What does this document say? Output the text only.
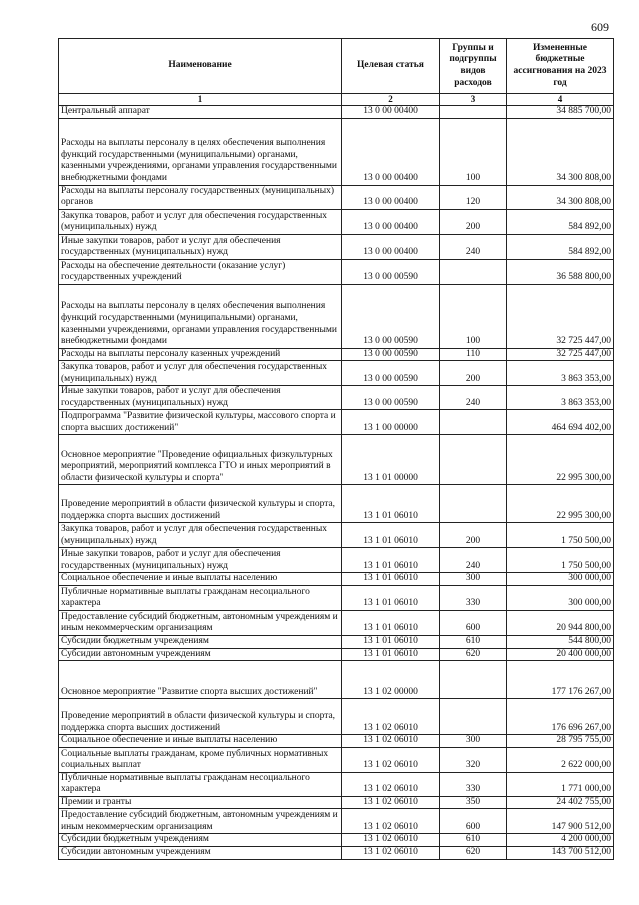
609
Наименование	Целевая статья	Группы и подгруппы видов расходов	Измененные бюджетные ассигнования на 2023 год
1	2	3	4
Центральный аппарат	13 0 00 00400		34 885 700,00
Расходы на выплаты персоналу в целях обеспечения выполнения функций государственными (муниципальными) органами, казенными учреждениями, органами управления государственными внебюджетными фондами	13 0 00 00400	100	34 300 808,00
Расходы на выплаты персоналу государственных (муниципальных) органов	13 0 00 00400	120	34 300 808,00
Закупка товаров, работ и услуг для обеспечения государственных (муниципальных) нужд	13 0 00 00400	200	584 892,00
Иные закупки товаров, работ и услуг для обеспечения государственных (муниципальных) нужд	13 0 00 00400	240	584 892,00
Расходы на обеспечение деятельности (оказание услуг) государственных учреждений	13 0 00 00590		36 588 800,00
Расходы на выплаты персоналу в целях обеспечения выполнения функций государственными (муниципальными) органами, казенными учреждениями, органами управления государственными внебюджетными фондами	13 0 00 00590	100	32 725 447,00
Расходы на выплаты персоналу казенных учреждений	13 0 00 00590	110	32 725 447,00
Закупка товаров, работ и услуг для обеспечения государственных (муниципальных) нужд	13 0 00 00590	200	3 863 353,00
Иные закупки товаров, работ и услуг для обеспечения государственных (муниципальных) нужд	13 0 00 00590	240	3 863 353,00
Подпрограмма "Развитие физической культуры, массового спорта и спорта высших достижений"	13 1 00 00000		464 694 402,00
Основное мероприятие "Проведение официальных физкультурных мероприятий, мероприятий комплекса ГТО и иных мероприятий в области физической культуры и спорта"	13 1 01 00000		22 995 300,00
Проведение мероприятий в области физической культуры и спорта, поддержка спорта высших достижений	13 1 01 06010		22 995 300,00
Закупка товаров, работ и услуг для обеспечения государственных (муниципальных) нужд	13 1 01 06010	200	1 750 500,00
Иные закупки товаров, работ и услуг для обеспечения государственных (муниципальных) нужд	13 1 01 06010	240	1 750 500,00
Социальное обеспечение и иные выплаты населению	13 1 01 06010	300	300 000,00
Публичные нормативные выплаты гражданам несоциального характера	13 1 01 06010	330	300 000,00
Предоставление субсидий бюджетным, автономным учреждениям и иным некоммерческим организациям	13 1 01 06010	600	20 944 800,00
Субсидии бюджетным учреждениям	13 1 01 06010	610	544 800,00
Субсидии автономным учреждениям	13 1 01 06010	620	20 400 000,00
Основное мероприятие "Развитие спорта высших достижений"	13 1 02 00000		177 176 267,00
Проведение мероприятий в области физической культуры и спорта, поддержка спорта высших достижений	13 1 02 06010		176 696 267,00
Социальное обеспечение и иные выплаты населению	13 1 02 06010	300	28 795 755,00
Социальные выплаты гражданам, кроме публичных нормативных социальных выплат	13 1 02 06010	320	2 622 000,00
Публичные нормативные выплаты гражданам несоциального характера	13 1 02 06010	330	1 771 000,00
Премии и гранты	13 1 02 06010	350	24 402 755,00
Предоставление субсидий бюджетным, автономным учреждениям и иным некоммерческим организациям	13 1 02 06010	600	147 900 512,00
Субсидии бюджетным учреждениям	13 1 02 06010	610	4 200 000,00
Субсидии автономным учреждениям	13 1 02 06010	620	143 700 512,00
